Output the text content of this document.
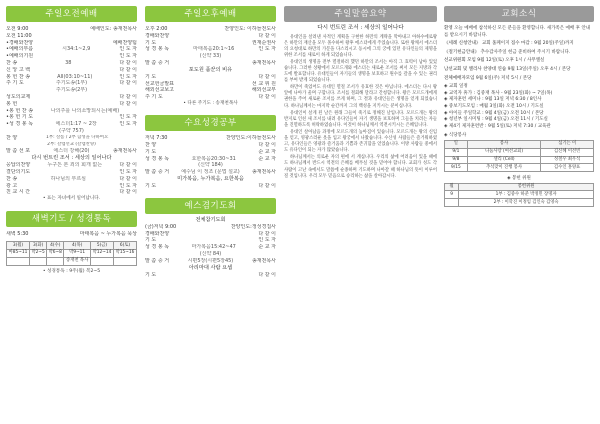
주일오전예배
오전 9:00	예배인도: 송재천목사
오전 11:00
•경배와찬양	예배찬양팀
•예배의부름	시34:1~2,9	인 도 자
•예배의기원	인 도 자
찬 송	38	다 같 이
신 앙 고 백	다 같 이
봉 헌 찬 송	AII(03:10~11)	인 도 자
주 기 도	주기도송(1부)	다 같 이
주기도송(2부)
성도의교제	다 같 이
봉 헌	다 같 이
•봉 헌 찬 송	나의주를 나의소망되시는(예배)
•봉 헌 기 도	인 도 자
•성 경 봉 독	에스더1:17 ~ 2장	인 도 자
(구약 757)
찬 양	1부: 샬롬 / 2부 함성을 다하여요
2부: 갈렙선교 (갈렙찬양)
말 씀 선 포	에스더 강해(20)	송재천목사
다시 번트린 조서 : 세상의 일어나다
응답의찬양	누구든 본 죄의 회개 없는	다 같 이
결단의기도	인 도 자
찬 송	하나님의 부르심	다 같 이
광 고	인 도 자
친 교 시 간	다 같 이
• 표는 자녀에서 일어납니다.
새벽기도 / 성경통독
새벽 5:30	마태복음 ~ 누가복음 묵상
3(월)	3(화)	4(수)	4(목)	5(금)	6(토)
마85~11	막2~5	막6~8	막9~11	막12~14	막15~16
			송재천 목사		
• 성경통독 : 9주(월) 복2~5
주일오후예배
오후 2:00	찬양인도: 이하늘전도사
경배와찬양	다 같 이
기 도	권재순권사
성 경 봉 독	마태복음20:1~16	인 도 자
(신약 33)
말 씀 증 거	송재천목사
포도원 품꾼의 비유
기 도	다 같 이
선교헌금발표	선 교 위 원
해외선교보고	해외선교부
주 기 도	다 같 이
• 다른 주기도 : 송재천목사
수요성경공부
저녁 7:30	찬양인도:이하늘전도사
찬 양	다 같 이
기 도	순 교 자
성 경 봉 독	요한복음20:30~31	순 교 자
(신약 184)
말 씀 증 거	예수님 이 정조 (문법 설교)	송재천목사
미가복음, 누가복음, 요한복음
기 도	다 같 이
예스겸기도회
전체참기도회
(금)저녁 9:00	찬양인도:정성경집사
경배와찬양	다 같 이
기 도	인 도 자
성 경 봉 독	마가복음15:42~47	순 교 자
(신약 84)
말 씀 증 거	시편5장(시편5장45)	송재천목사
아리마대 사람 요셉
기 도	다 같 이
주일말씀요약
다시 번트린 조서 : 세상의 일어나다

유대인을 살려낸 사적인 계획을 구현한 하만의 계략을 막아내고 아하수에로왕은 하만의 재산을 모두 몰수하여 왕후 에스더에게 주었습니다. 또한 왕께서 에스더의 요청대로 하만의 가문을 다스리시고 동시에 그의 궁에 있던 유다인들의 제명을 위한 조서를 새로이 하게 되었습니다.

유대인의 생명을 전부 멸절하려 했던 하만의 조서는 아직 그 효력이 남아 있었습니다. 그러한 상황에서 모르드개와 에스더는 새로운 조서를 써서 모든 지방과 각 도에 발표합니다. 유대인들이 자기들의 생명을 보호하고 원수를 갚을 수 있는 권리를 부여 받게 되었습니다.

하만이 죽었어도 유대인 멸절 조서가 유효한 것은 아닙니다. 에스더는 다시 왕 앞에 나아가 울며 구합니다. 조서를 철회해 달라고 간청합니다. 왕은 모르드개에게 권한을 주어 새로운 조서를 쓰게 하며, 그 결과 유대인들은 생명을 얻게 되었습니다. 하나님께서는 마지막 순간까지 그의 백성을 지키시는 분이십니다.

유대인이 살게 된 날은 원래 그들이 죽기로 정해진 날입니다. 모르드개는 왕의 반지로 인친 새 조서를 내려 유다인들이 자기 생명을 보호하며 그들을 치려는 자들을 진멸하도록 허락하였습니다. 이것이 하나님께서 역전시키시는 은혜입니다.

유대인 살아남음 과정에 모르드개의 높아짐이 있습니다. 모르드개는 왕의 신임을 얻고, 영광스러운 옷을 입고 왕궁에서 나왔습니다. 수산성 사람들은 즐거워하였고, 유다인들은 영광과 즐거움과 기쁨과 존귀함을 얻었습니다. 이방 사람들 중에서도 유다인이 되는 자가 많았습니다.

하나님께서는 의로운 자의 편에 서 계십니다. 우리의 삶에 어려움이 있을 때에도 하나님께서 반드시 역전의 은혜를 베푸실 것을 믿어야 합니다. 교회가 성도 각 사람이 고난 속에서도 말씀에 순종하며 기도하며 나아갈 때 하나님의 뜻이 이루어질 것입니다. 우리 모두 믿음으로 승리하는 삶을 살아갑시다.

교회소식
환영 오늘 예배에 참석하신 모든 분들을 환영합니다. 새가족은 예배 후 안내를 받으시기 바랍니다.
《세례 신청안내》 교회 홈페이지 접수 마감 : 9월 20일(주일)까지
《절기헌금안내》 추수감사주일 헌금 준비하여 주시기 바랍니다.
선교위원회 모임 9월 12일(토) 오후 1시 / 사무엘실
남선교회 및 엘리사 찬양대 연습 9월 13일(주일) 오후 4시 / 본당
전체예배자모임 9월 6일(주) 저녁 5시 / 본당
◈ 교회 일정
◈ 교역자 휴가 : 김중재 목사 - 9월 23일(화) ~ 7일(목)
◈ 제자훈련 세미나 : 9월 13일 저녁 6:30 / 8인사
◈ 중보기도모임 : 매월 3일(화) 오전 10시 / 기도실
◈ 아이들 주일학교 : 9월 4일(금) 오전 10시 / 본당
◈ 청년부 일시미팅 : 9월 4일(금) 오전 11시 / 기도실
◈ 제4기 제자훈련반 : 9월 5일(토) 저녁 7:30 / 교육관
◈ 식당봉사
일	봉사	섬기는 이
9/1	나눔사랑 (여선교회)	김신혜 이선빈
9/8	셀리 (Cell)	성철우 최우석
9/15	추석맞이 진행 봉사	김수인 홍양표
◈ 봉헌 위원
월	봉헌위원
9	1부 : 김중수 하준 박정민 장명자
	2부 : 이학진 이정임 김인숙 김영숙
